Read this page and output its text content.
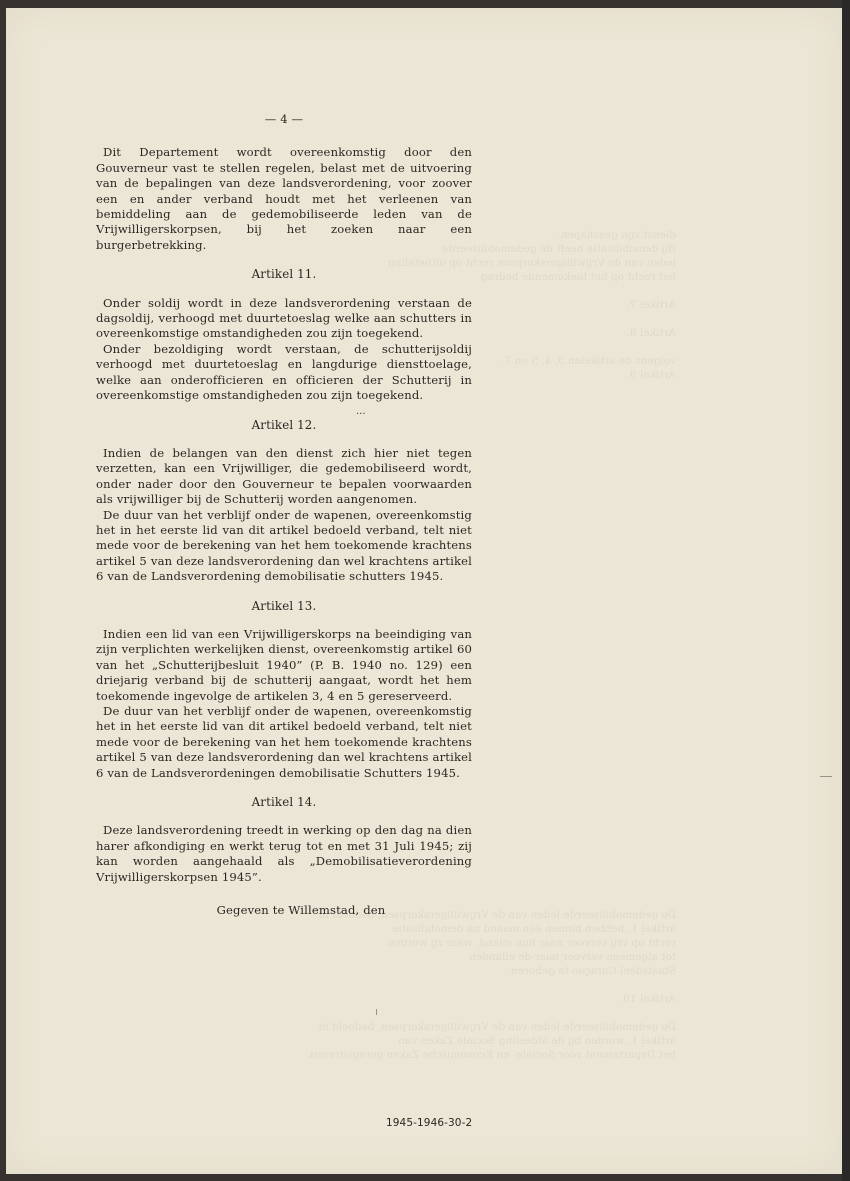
dienst zijn geschapen.
Bij demobilisatie heeft de gedemobiliseerde
leden van de Vrijwilligerskorpsen recht op uitbetaling
het recht op het toekomende bedrag

Artikel 7.

Artikel 8.

volgens de artikelen 3, 4, 5 en 7.
Artikel 9.
De gedemobiliseerde leden van de Vrijwilligerskorpsen, bedoeld in artikel 1, hebben binnen één maand na demobilisatie
recht op vrij vervoer naar hun eiland, waar zij worden
tot algemeen vervoer naar de eilanden
Staatsdeel Curaçao te geboren.

Artikel 10.

De gedemobiliseerde leden van de Vrijwilligerskorpsen, bedoeld in artikel 1, worden bij de afdeeling Sociale Zaken van
het Departement voor Sociale- en Economische Zaken geregistreerd.
— 4 —

Dit Departement wordt overeenkomstig door den Gouverneur vast te stellen regelen, belast met de uitvoering van de bepalingen van deze landsverordening, voor zoover een en ander verband houdt met het verleenen van bemiddeling aan de gedemobiliseerde leden van de Vrijwilligerskorpsen, bij het zoeken naar een burgerbetrekking.

Artikel 11.

Onder soldij wordt in deze landsverordening verstaan de dagsoldij, verhoogd met duurtetoeslag welke aan schutters in overeenkomstige omstandigheden zou zijn toegekend.

Onder bezoldiging wordt verstaan, de schutterijsoldij verhoogd met duurtetoeslag en langdurige diensttoelage, welke aan onderofficieren en officieren der Schutterij in overeenkomstige omstandigheden zou zijn toegekend.

Artikel 12.

Indien de belangen van den dienst zich hier niet tegen verzetten, kan een Vrijwilliger, die gedemobiliseerd wordt, onder nader door den Gouverneur te bepalen voorwaarden als vrijwilliger bij de Schutterij worden aangenomen.

De duur van het verblijf onder de wapenen, overeenkomstig het in het eerste lid van dit artikel bedoeld verband, telt niet mede voor de berekening van het hem toekomende krachtens artikel 5 van deze landsverordening dan wel krachtens artikel 6 van de Landsverordening demobilisatie schutters 1945.

Artikel 13.

Indien een lid van een Vrijwilligerskorps na beeindiging van zijn verplichten werkelijken dienst, overeenkomstig artikel 60 van het „Schutterijbesluit 1940” (P. B. 1940 no. 129) een driejarig verband bij de schutterij aangaat, wordt het hem toekomende ingevolge de artikelen 3, 4 en 5 gereserveerd.

De duur van het verblijf onder de wapenen, overeenkomstig het in het eerste lid van dit artikel bedoeld verband, telt niet mede voor de berekening van het hem toekomende krachtens artikel 5 van deze landsverordening dan wel krachtens artikel 6 van de Landsverordeningen demobilisatie Schutters 1945.

Artikel 14.

Deze landsverordening treedt in werking op den dag na dien harer afkondiging en werkt terug tot en met 31 Juli 1945; zij kan worden aangehaald als „Demobilisatieverordening Vrijwilligerskorpsen 1945”.

Gegeven te Willemstad, den
...
1945-1946-30-2
